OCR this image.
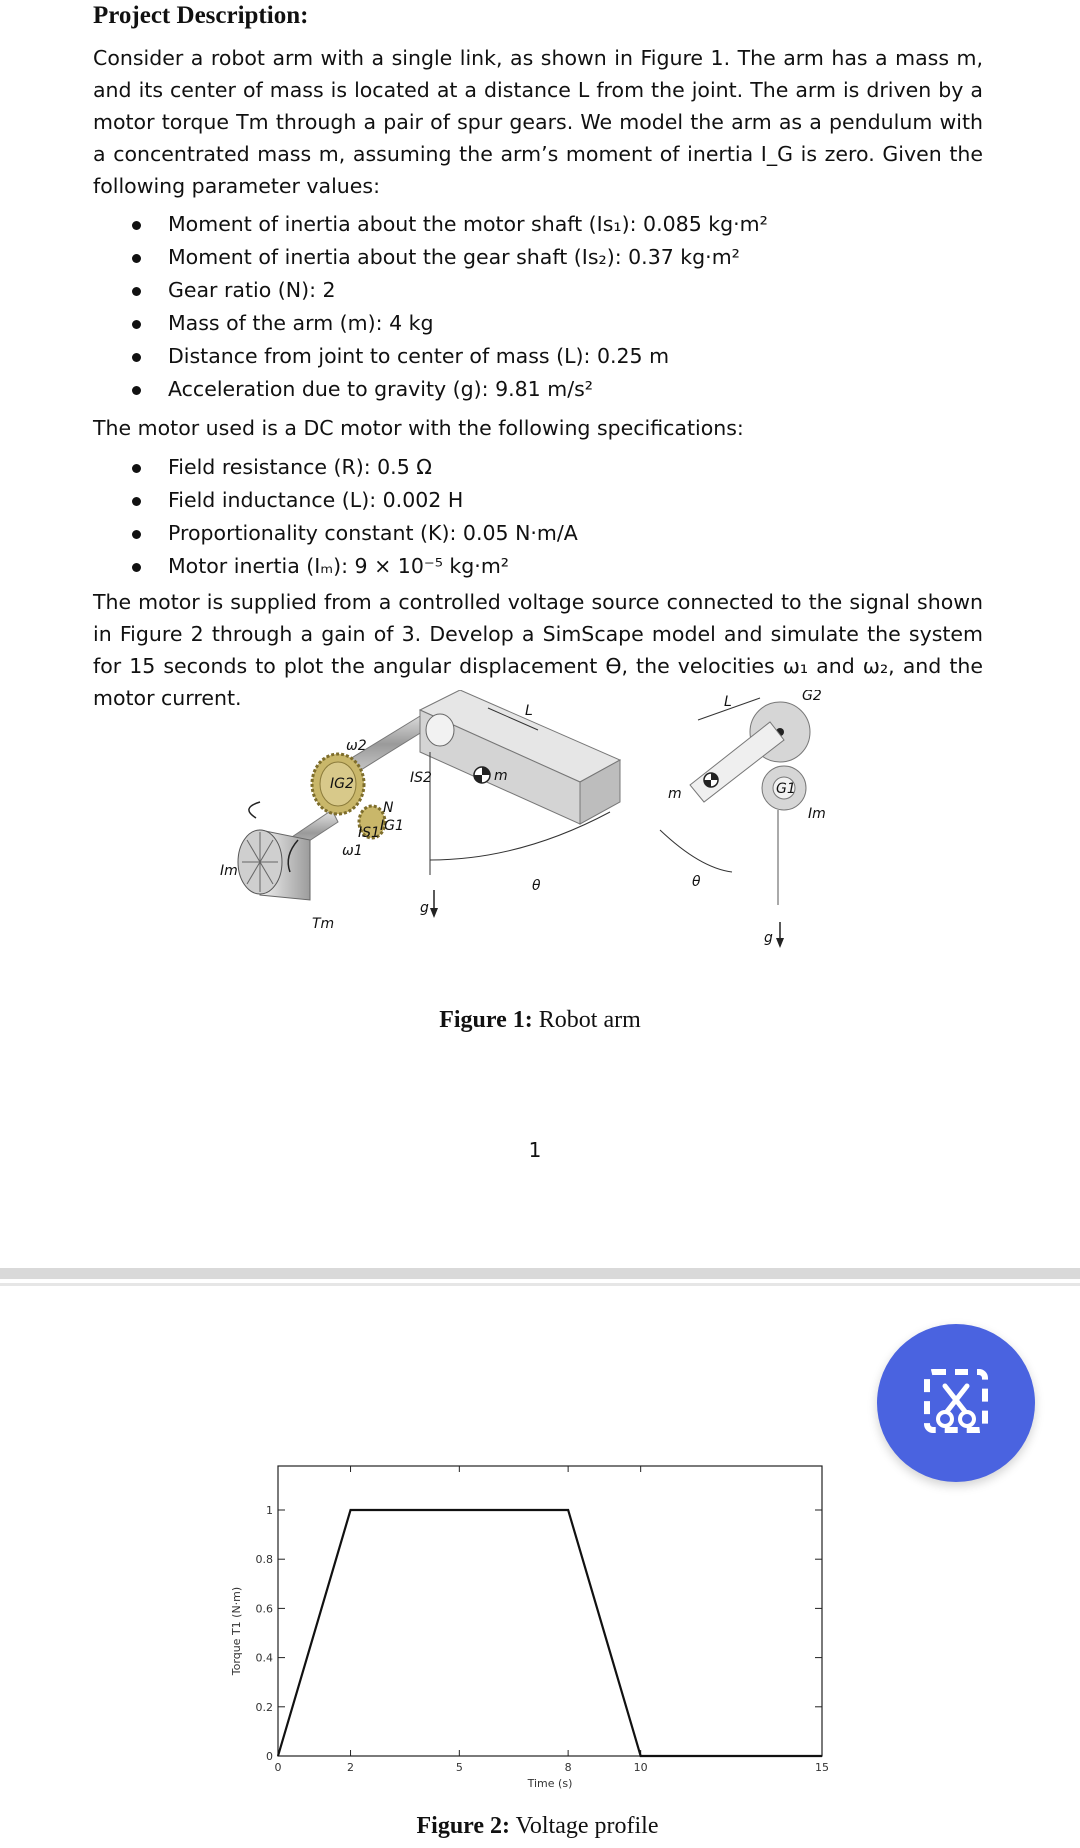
Project Description:

Consider a robot arm with a single link, as shown in Figure 1. The arm has a mass m, and its center of mass is located at a distance L from the joint. The arm is driven by a motor torque Tm through a pair of spur gears. We model the arm as a pendulum with a concentrated mass m, assuming the arm’s moment of inertia I_G is zero. Given the following parameter values:

Moment of inertia about the motor shaft (Is₁): 0.085 kg·m²
Moment of inertia about the gear shaft (Is₂): 0.37 kg·m²
Gear ratio (N): 2
Mass of the arm (m): 4 kg
Distance from joint to center of mass (L): 0.25 m
Acceleration due to gravity (g): 9.81 m/s²

The motor used is a DC motor with the following specifications:

Field resistance (R): 0.5 Ω
Field inductance (L): 0.002 H
Proportionality constant (K): 0.05 N·m/A
Motor inertia (Iₘ): 9 × 10⁻⁵ kg·m²

The motor is supplied from a controlled voltage source connected to the signal shown in Figure 2 through a gain of 3. Develop a SimScape model and simulate the system for 15 seconds to plot the angular displacement ϴ, the velocities ω₁ and ω₂, and the motor current.

ω2
IG2	IS2
N
m
L
IS1 IG1
ω1
Im
Tm
g
θ
m
L	G2
G1
Im
θ
g

Figure 1: Robot arm

1

0	2	5	8	10	15
0
0.2
0.4
0.6
0.8
1
Time (s)
Torque T1 (N·m)

Figure 2: Voltage profile
